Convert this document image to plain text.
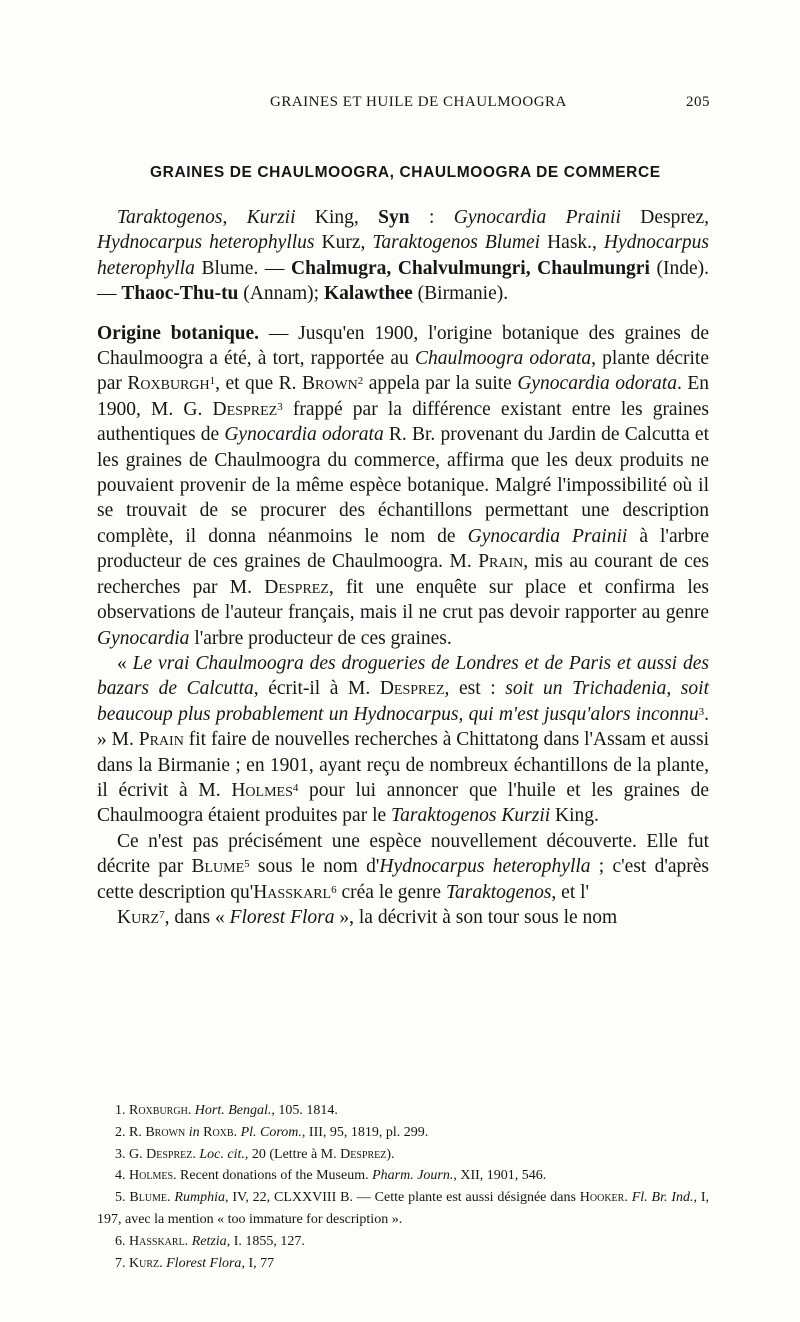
GRAINES ET HUILE DE CHAULMOOGRA	205
GRAINES DE CHAULMOOGRA, CHAULMOOGRA DE COMMERCE

Taraktogenos, Kurzii King, Syn : Gynocardia Prainii Desprez, Hydnocarpus heterophyllus Kurz, Taraktogenos Blumei Hask., Hydnocarpus heterophylla Blume. — Chalmugra, Chalvulmungri, Chaulmungri (Inde). — Thaoc-Thu-tu (Annam); Kalawthee (Birmanie).

Origine botanique. — Jusqu'en 1900, l'origine botanique des graines de Chaulmoogra a été, à tort, rapportée au Chaulmoogra odorata, plante décrite par Roxburgh$^1$, et que R. Brown$^2$ appela par la suite Gynocardia odorata. En 1900, M. G. Desprez$^3$ frappé par la différence existant entre les graines authentiques de Gynocardia odorata R. Br. provenant du Jardin de Calcutta et les graines de Chaulmoogra du commerce, affirma que les deux produits ne pouvaient provenir de la même espèce botanique. Malgré l'impossibilité où il se trouvait de se procurer des échantillons permettant une description complète, il donna néanmoins le nom de Gynocardia Prainii à l'arbre producteur de ces graines de Chaulmoogra. M. Prain, mis au courant de ces recherches par M. Desprez, fit une enquête sur place et confirma les observations de l'auteur français, mais il ne crut pas devoir rapporter au genre Gynocardia l'arbre producteur de ces graines.

« Le vrai Chaulmoogra des drogueries de Londres et de Paris et aussi des bazars de Calcutta, écrit-il à M. Desprez, est : soit un Trichadenia, soit beaucoup plus probablement un Hydnocarpus, qui m'est jusqu'alors inconnu$^3$. » M. Prain fit faire de nouvelles recherches à Chittatong dans l'Assam et aussi dans la Birmanie ; en 1901, ayant reçu de nombreux échantillons de la plante, il écrivit à M. Holmes$^4$ pour lui annoncer que l'huile et les graines de Chaulmoogra étaient produites par le Taraktogenos Kurzii King.

Ce n'est pas précisément une espèce nouvellement découverte. Elle fut décrite par Blume$^5$ sous le nom d'Hydnocarpus heterophylla ; c'est d'après cette description qu'Hasskarl$^6$ créa le genre Taraktogenos, et l'

Kurz$^7$, dans « Florest Flora », la décrivit à son tour sous le nom

1. Roxburgh. Hort. Bengal., 105. 1814.
2. R. Brown in Roxb. Pl. Corom., III, 95, 1819, pl. 299.
3. G. Desprez. Loc. cit., 20 (Lettre à M. Desprez).
4. Holmes. Recent donations of the Museum. Pharm. Journ., XII, 1901, 546.
5. Blume. Rumphia, IV, 22, CLXXVIII B. — Cette plante est aussi désignée dans Hooker. Fl. Br. Ind., I, 197, avec la mention « too immature for description ».
6. Hasskarl. Retzia, I. 1855, 127.
7. Kurz. Florest Flora, I, 77
